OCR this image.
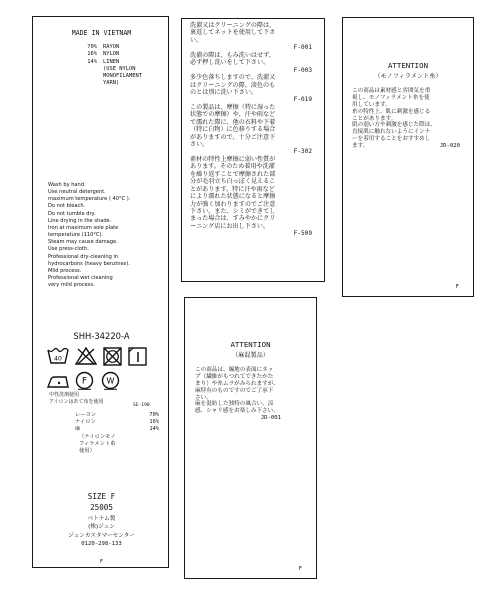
MADE IN VIETNAM

70% RAYON
16% NYLON
14% LINEN
(USE NYLON
MONOFILAMENT
YARN)
Wash by hand.
Use neutral detergent.
maximum temperature ( 40°C ).
Do not bleach.
Do not tumble dry.
Line drying in the shade.
Iron at maximum sole plate
temperature (110°C).
Steam may cause damage.
Use press-cloth.
Professional dry-cleaning in
hydrocarbons (heavy benzines).
Mild process.
Professional wet cleaning
very mild process.

SHH-34220-A

40
F W
中性洗剤使用
アイロンはあて布を使用
SE-190
レーヨン	70%
ナイロン	16%
麻	14%
（ナイロンモノ
フィラメント糸
使用）

SIZE F

25005

ベトナム製
(株)ジュン
ジュンカスタマーセンター
0120-298-133

F

洗濯又はクリーニングの際は、
裏返してネットを使用して下さ
い。
F-001
洗濯の際は、もみ洗いはせず、
必ず押し洗いをして下さい。
F-003
多少色落ちしますので、洗濯又
はクリーニングの際、淡色のも
のとは別に洗い下さい。
F-019
この製品は、摩擦（特に湿った
状態での摩擦）や、汗や雨など
で濡れた際に、他の衣料や下着
（特に白物）に色移りする場合
がありますので、十分ご注意下
さい。
F-302
素材の特性上摩擦に弱い性質が
あります。そのため着用や洗濯
を繰り返すことで摩擦された部
分が毛羽立ち白っぽく見えるこ
とがあります。特に汗や雨など
により濡れた状態になると摩擦
力が強く加わりますのでご注意
下さい。また、シミができてし
まった場合は、すみやかにクリ
ーニング店にお出し下さい。
F-509
ATTENTION
（モノフィラメント糸）
この商品は素材感と雰囲気を重
視し、モノフィラメント糸を使
用しています。
糸の特性上、肌に刺激を感じる
ことがあります。
肌の弱い方や刺激を感じた際は、
直接肌に触れないようにインナ
ーを着用することをおすすめし
ます。	JD-020
F
- - - -
ATTENTION
（麻混製品）
この商品は、編地の表面にネッ
プ（繊維がもつれてできたかた
まり）や糸ムラがみられますが、
麻特有のものですのでご了承下
さい。
麻を混紡した独特の風合い、涼
感、シャリ感をお楽しみ下さい。
JD-001
F
